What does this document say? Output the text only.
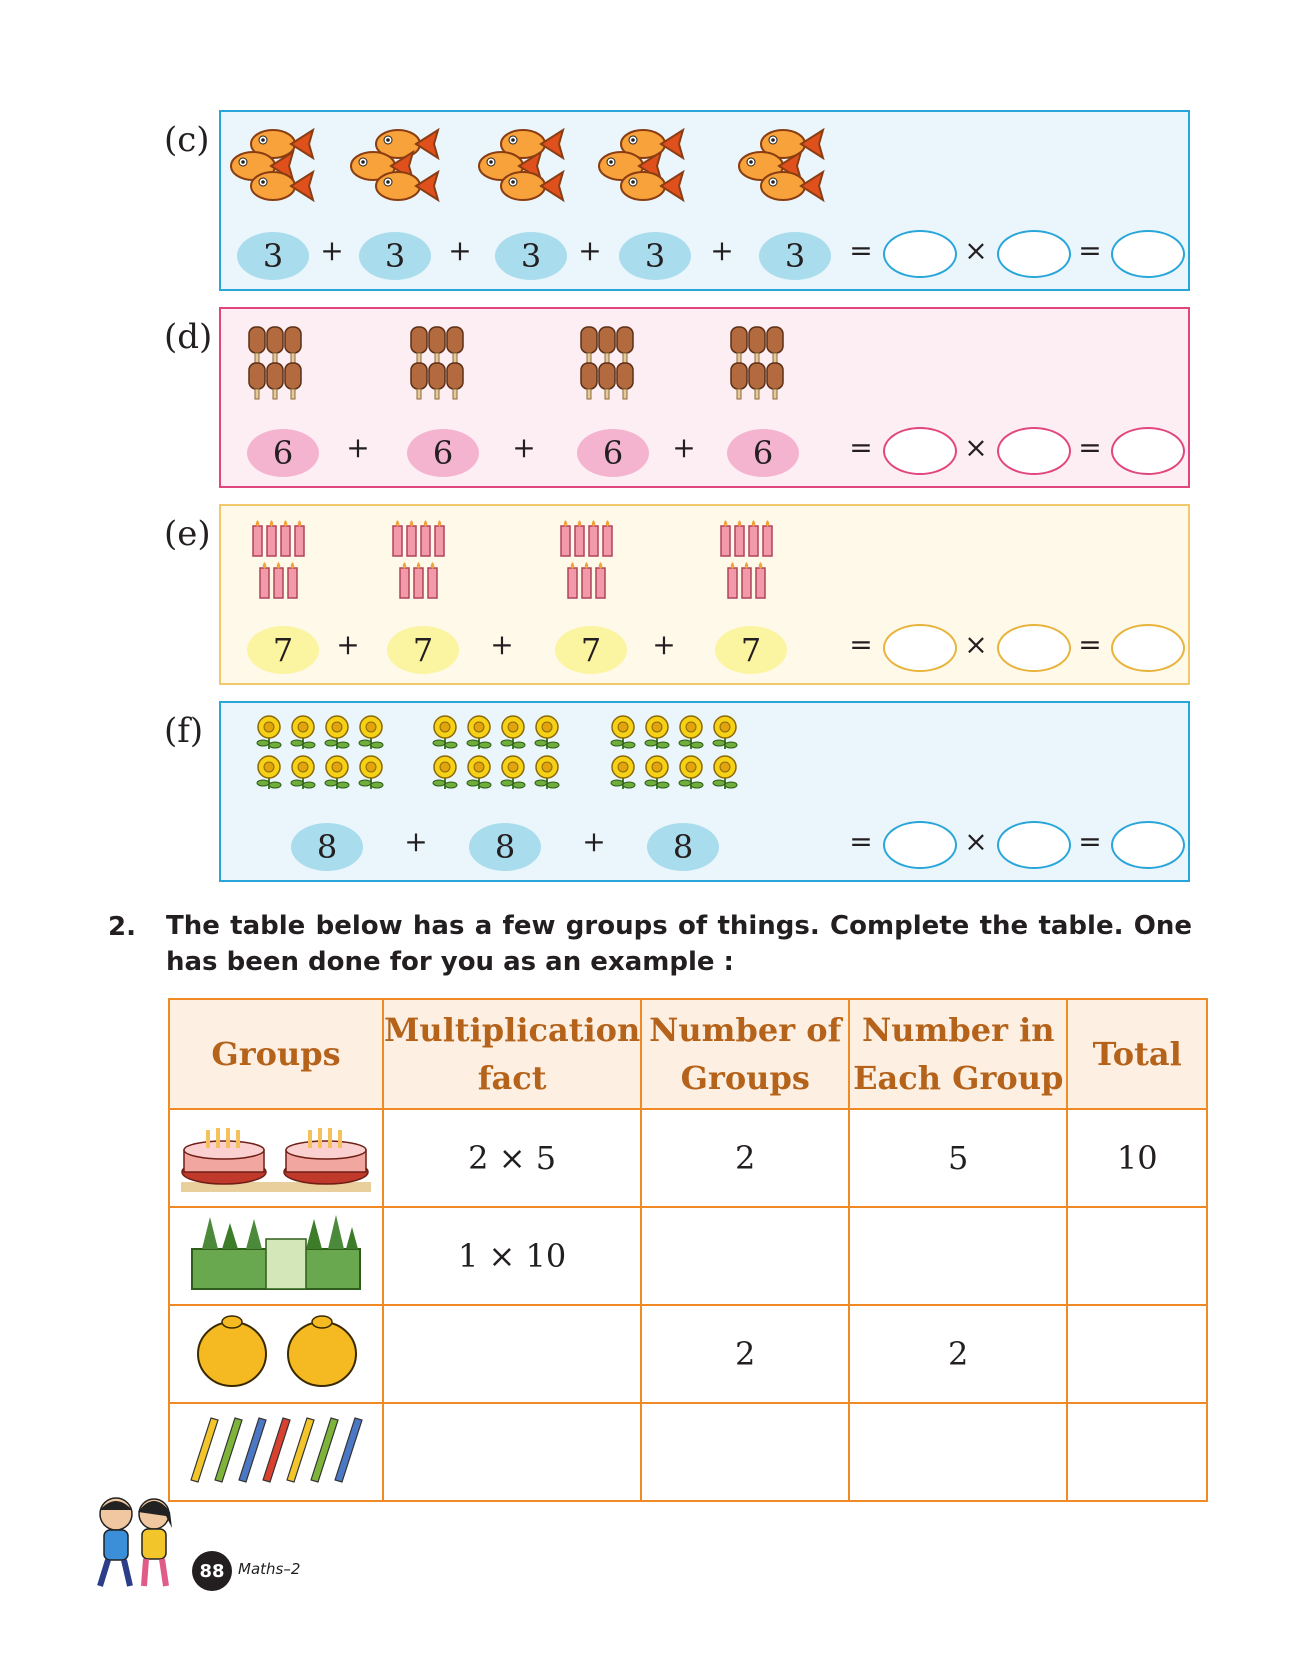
(c)
(d)
(e)
(f)
3	+	3	+	3	+	3	+	3	=	×	=
6	+	6	+	6	+	6	=	×	=
7	+	7	+	7	+	7	=	×	=
8	+	8	+	8	=	×	=
2. The table below has a few groups of things. Complete the table. One has been done for you as an example :
Groups	Multiplication fact	Number of Groups	Number in Each Group	Total
	2 × 5	2	5	10
	1 × 10			
		2	2	

88 Maths–2
